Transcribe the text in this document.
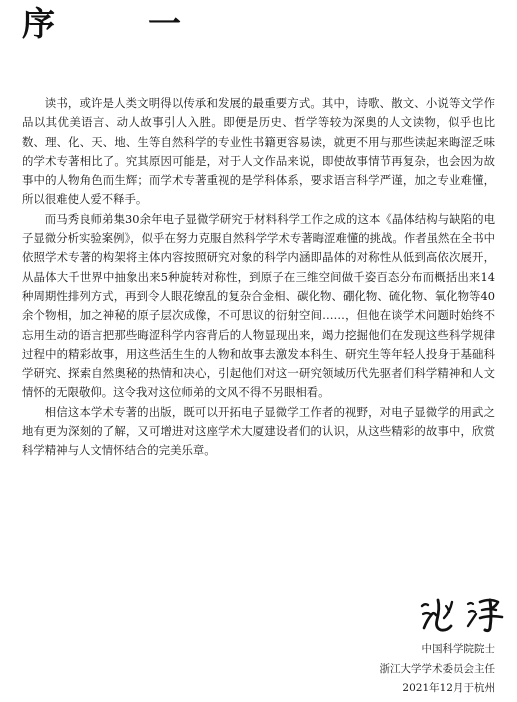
序	一

读书，或许是人类文明得以传承和发展的最重要方式。其中，诗歌、散文、小说等文学作品以其优美语言、动人故事引人入胜。即便是历史、哲学等较为深奥的人文读物，似乎也比数、理、化、天、地、生等自然科学的专业性书籍更容易读，就更不用与那些读起来晦涩乏味的学术专著相比了。究其原因可能是，对于人文作品来说，即使故事情节再复杂，也会因为故事中的人物角色而生辉；而学术专著重视的是学科体系，要求语言科学严谨，加之专业难懂，所以很难使人爱不释手。

而马秀良师弟集30余年电子显微学研究于材料科学工作之成的这本《晶体结构与缺陷的电子显微分析实验案例》，似乎在努力克服自然科学学术专著晦涩难懂的挑战。作者虽然在全书中依照学术专著的构架将主体内容按照研究对象的科学内涵即晶体的对称性从低到高依次展开，从晶体大千世界中抽象出来5种旋转对称性，到原子在三维空间做千姿百态分布而概括出来14种周期性排列方式，再到令人眼花缭乱的复杂合金相、碳化物、硼化物、硫化物、氧化物等40余个物相，加之神秘的原子层次成像，不可思议的衍射空间……，但他在谈学术问题时始终不忘用生动的语言把那些晦涩科学内容背后的人物显现出来，竭力挖掘他们在发现这些科学规律过程中的精彩故事，用这些活生生的人物和故事去激发本科生、研究生等年轻人投身于基础科学研究、探索自然奥秘的热情和决心，引起他们对这一研究领域历代先驱者们科学精神和人文情怀的无限敬仰。这令我对这位师弟的文风不得不另眼相看。

相信这本学术专著的出版，既可以开拓电子显微学工作者的视野，对电子显微学的用武之地有更为深刻的了解，又可增进对这座学术大厦建设者们的认识，从这些精彩的故事中，欣赏科学精神与人文情怀结合的完美乐章。

中国科学院院士
浙江大学学术委员会主任
2021年12月于杭州
